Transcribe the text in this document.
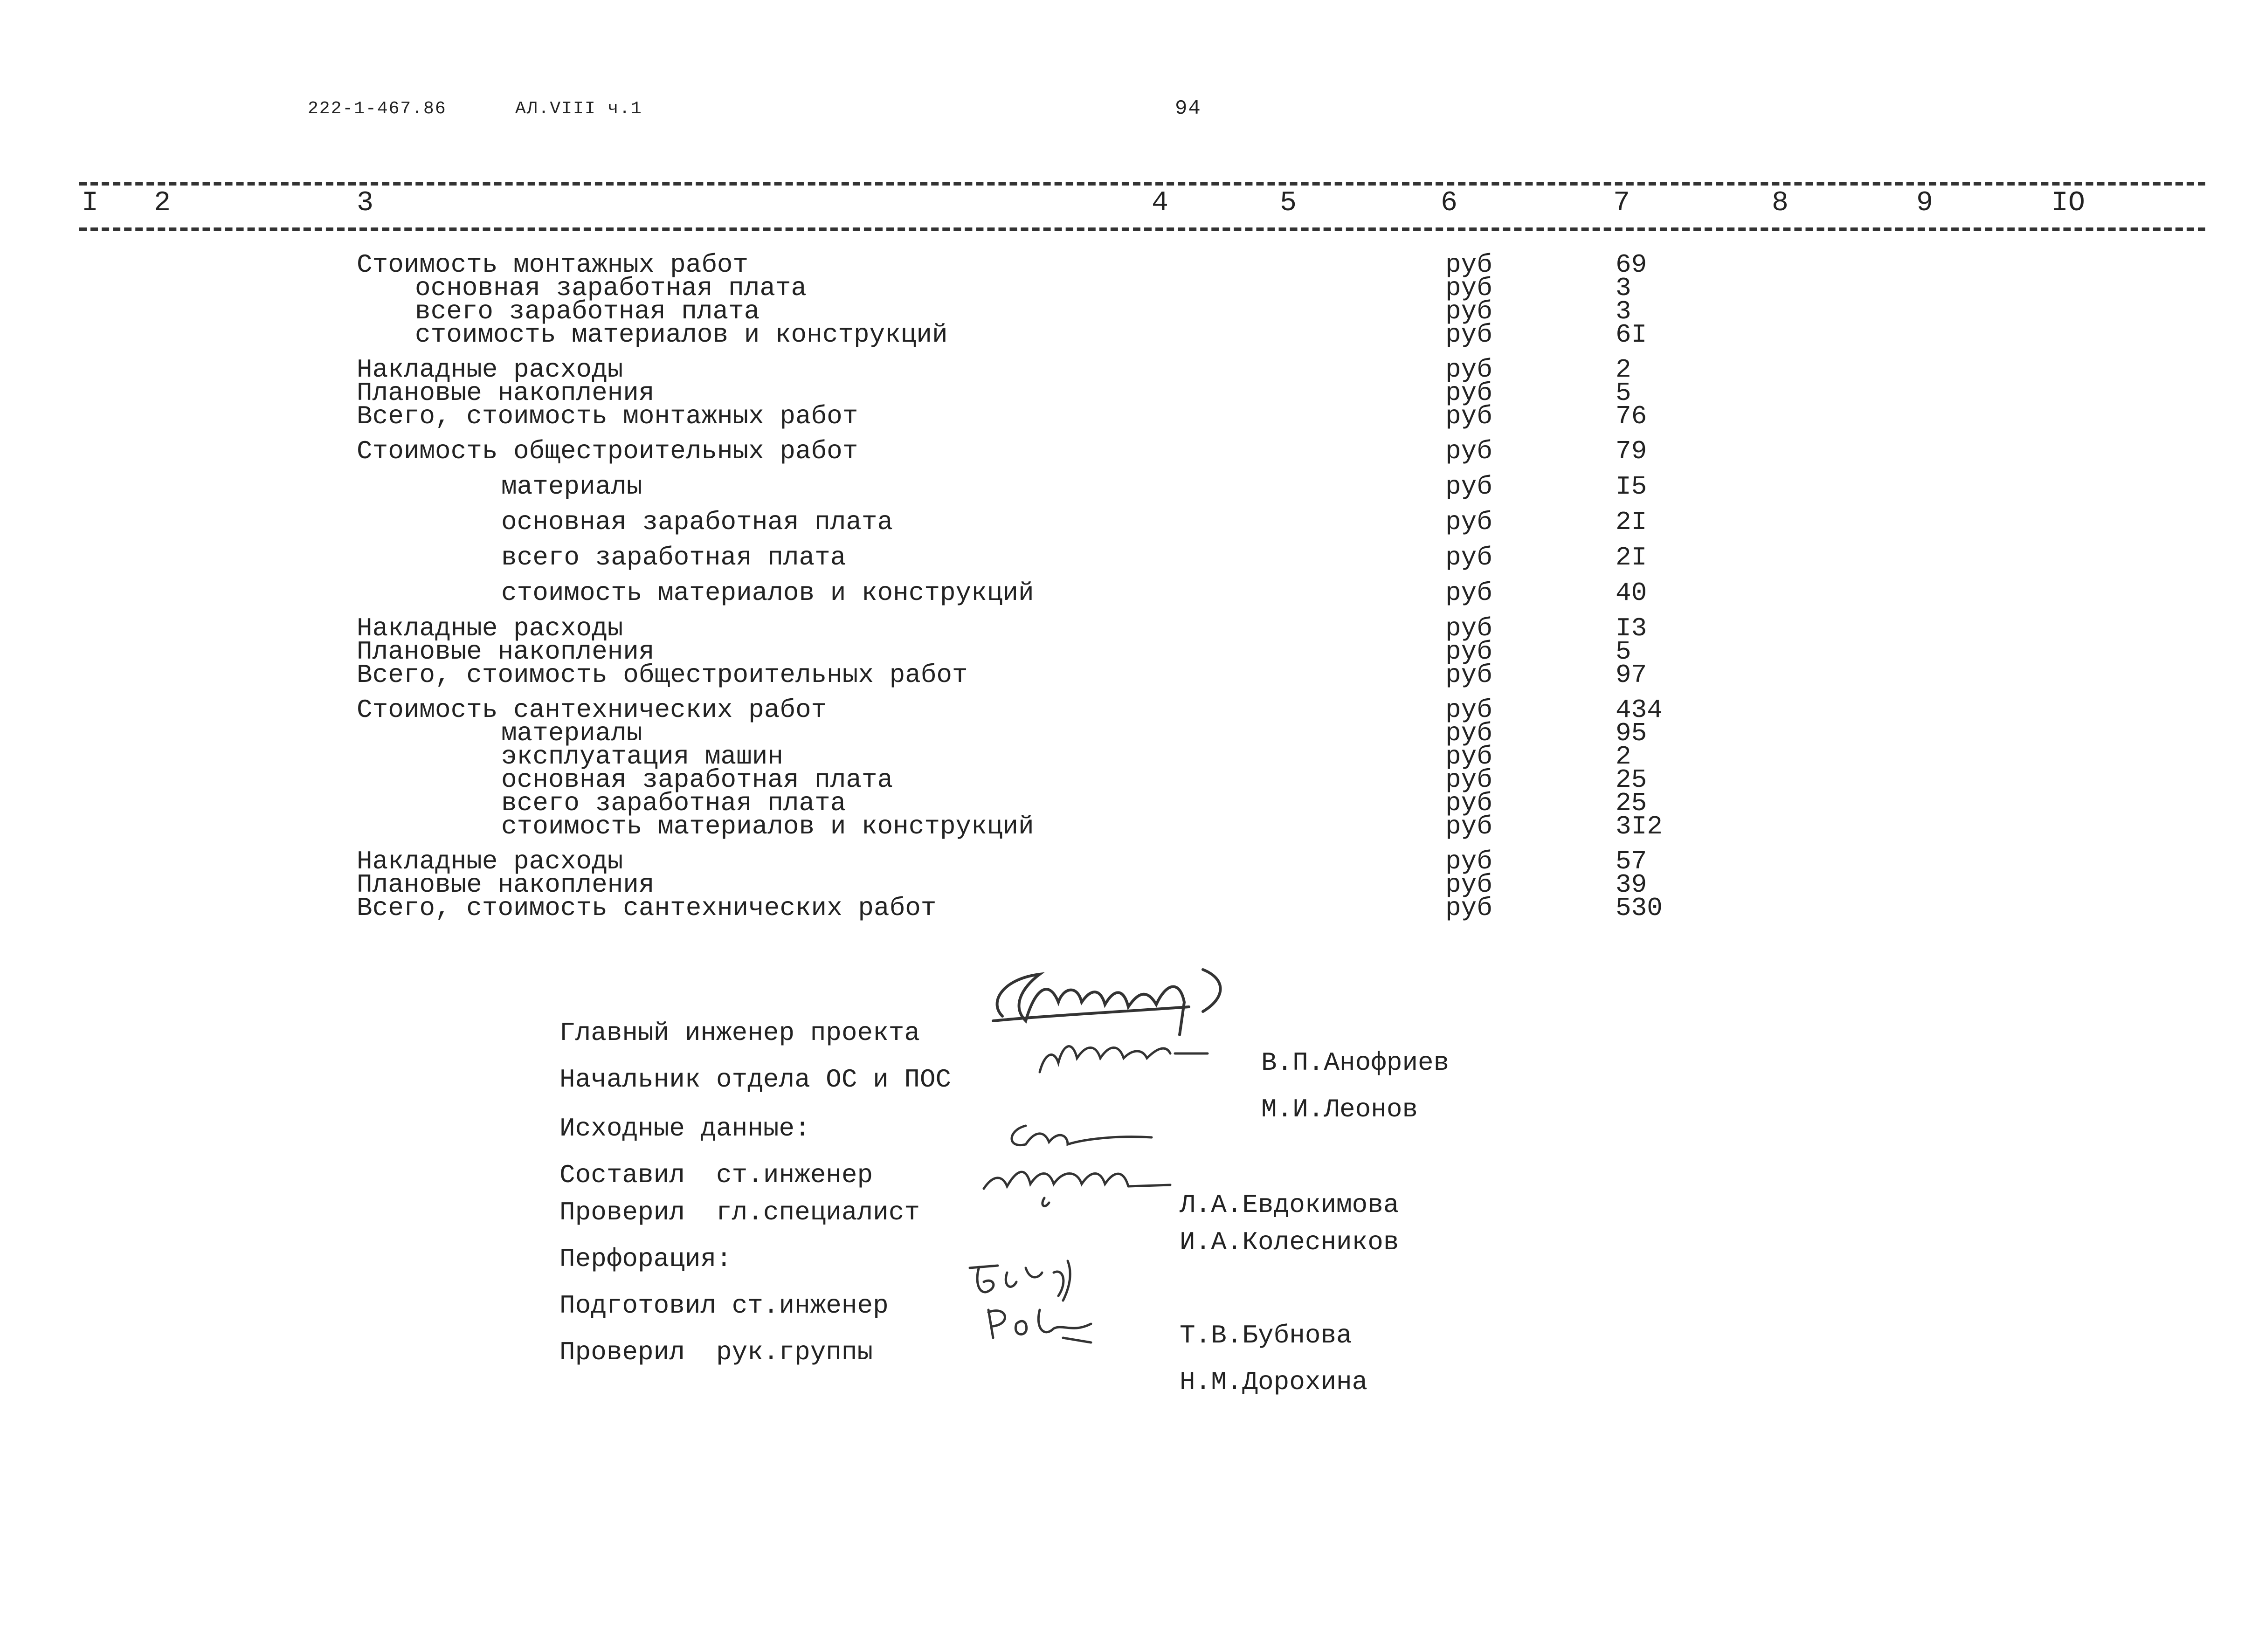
222-1-467.86	АЛ.VIII ч.1	94
I 2	3	4	5	6	7	8	9	IO
Стоимость монтажных работ	руб	69
основная заработная плата	руб	3
всего заработная плата	руб	3
стоимость материалов и конструкций	руб	6I
Накладные расходы	руб	2
Плановые накопления	руб	5
Всего, стоимость монтажных работ	руб	76
Стоимость общестроительных работ	руб	79
материалы	руб	I5
основная заработная плата	руб	2I
всего заработная плата	руб	2I
стоимость материалов и конструкций	руб	40
Накладные расходы	руб	I3
Плановые накопления	руб	5
Всего, стоимость общестроительных работ	руб	97
Стоимость сантехнических работ	руб	434
материалы	руб	95
эксплуатация машин	руб	2
основная заработная плата	руб	25
всего заработная плата	руб	25
стоимость материалов и конструкций	руб	3I2
Накладные расходы	руб	57
Плановые накопления	руб	39
Всего, стоимость сантехнических работ	руб	530

Главный инженер проекта

В.П.Анофриев

Начальник отдела ОС и ПОС

М.И.Леонов

Исходные данные:

Составил  ст.инженер

Л.А.Евдокимова

Проверил  гл.специалист

И.А.Колесников

Перфорация:

Подготовил ст.инженер

Т.В.Бубнова

Проверил  рук.группы

Н.М.Дорохина
